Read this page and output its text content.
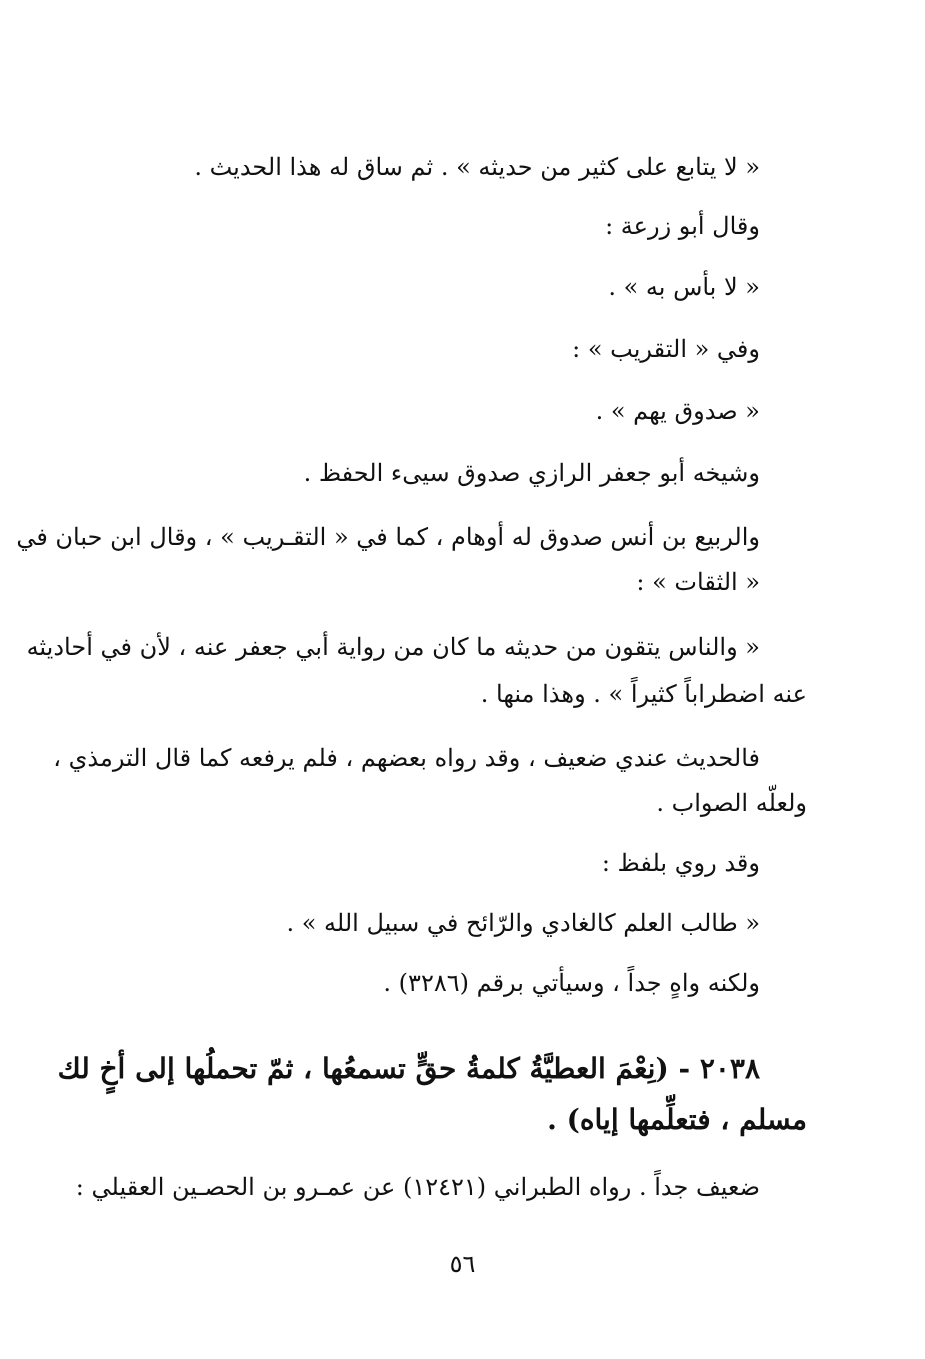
« لا يتابع على كثير من حديثه » . ثم ساق له هذا الحديث .
وقال أبو زرعة :
« لا بأس به » .
وفي « التقريب » :
« صدوق يهم » .
وشيخه أبو جعفر الرازي صدوق سيىء الحفظ .
والربيع بن أنس صدوق له أوهام ، كما في « التقـريب » ، وقال ابن حبان في
« الثقات » :
« والناس يتقون من حديثه ما كان من رواية أبي جعفر عنه ، لأن في أحاديثه
عنه اضطراباً كثيراً » . وهذا منها .
فالحديث عندي ضعيف ، وقد رواه بعضهم ، فلم يرفعه كما قال الترمذي ،
ولعلّه الصواب .
وقد روي بلفظ :
« طالب العلم كالغادي والرّائح في سبيل الله » .
ولكنه واهٍ جداً ، وسيأتي برقم (٣٢٨٦) .
٢٠٣٨ - (نِعْمَ العطيَّةُ كلمةُ حقٍّ تسمعُها ، ثمّ تحملُها إلى أخٍ لك
مسلم ، فتعلِّمها إياه) .
ضعيف جداً . رواه الطبراني (١٢٤٢١) عن عمـرو بن الحصـين العقيلي :
٥٦
